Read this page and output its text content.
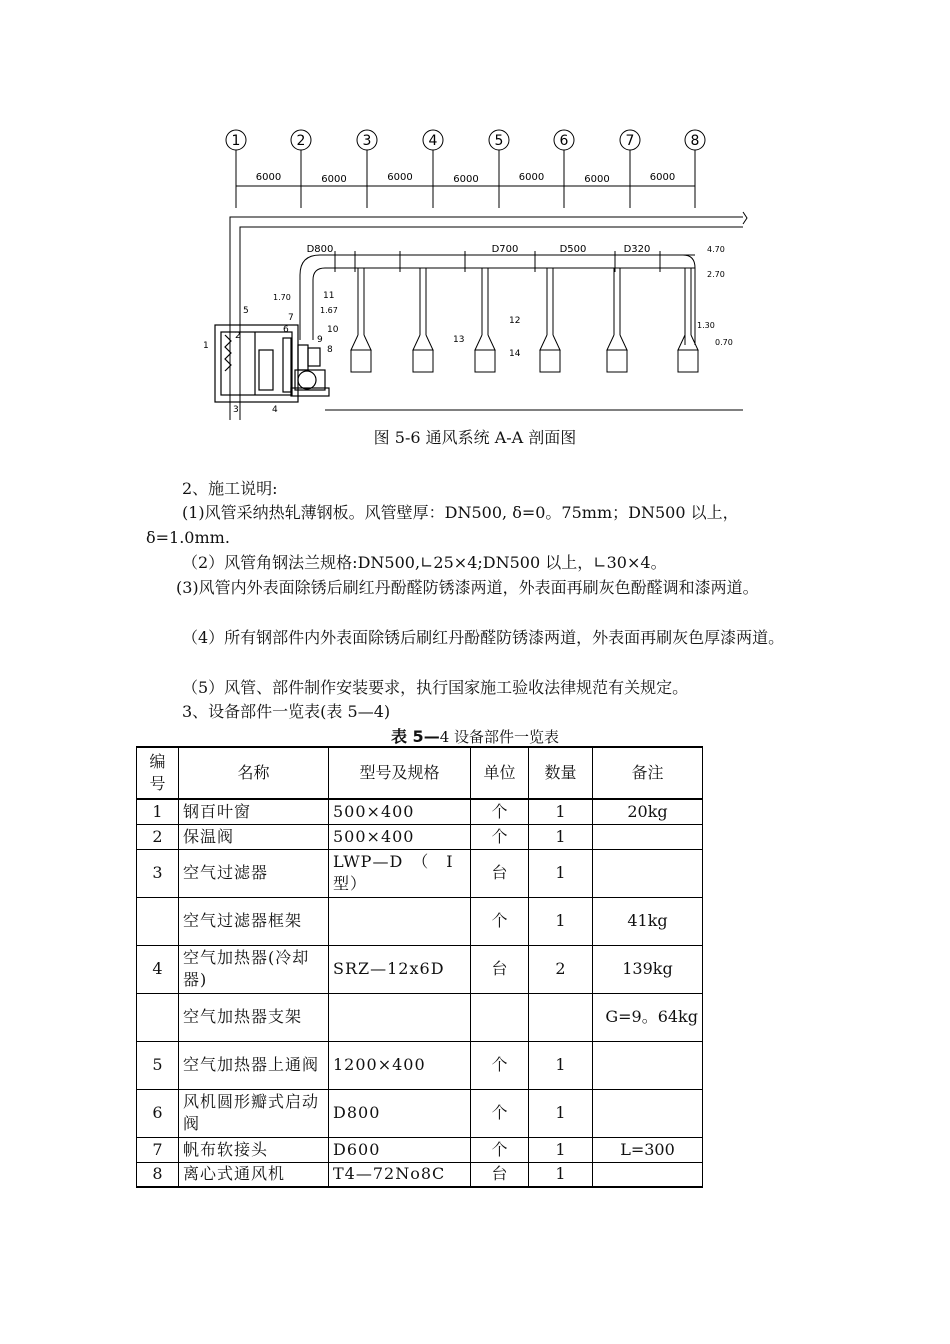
1	2	3	4	5	6	7	8
6000	6000	6000	6000	6000	6000	6000
D800	D700	D500	D320	4.70
2.70
1.30
0.70
1.70
1.67
1
2
3	4
5
6
7
8
9
10
11
12
13
14
图 5-6 通风系统 A-A 剖面图
2、施工说明:
(1)风管采纳热轧薄钢板。风管壁厚：DN500, δ=0。75mm；DN500 以上，δ=1.0mm.
（2）风管角钢法兰规格:DN500,∟25×4;DN500 以上，∟30×4。
(3)风管内外表面除锈后刷红丹酚醛防锈漆两道，外表面再刷灰色酚醛调和漆两道。
（4）所有钢部件内外表面除锈后刷红丹酚醛防锈漆两道，外表面再刷灰色厚漆两道。
（5）风管、部件制作安装要求，执行国家施工验收法律规范有关规定。
3、设备部件一览表(表 5—4)
表 5—4 设备部件一览表
编号	名称	型号及规格	单位	数量	备注
1	钢百叶窗	500×400	个	1	20kg
2	保温阀	500×400	个	1	
3	空气过滤器	LWP—D　（　I 型）	台	1	
	空气过滤器框架		个	1	41kg
4	空气加热器(冷却器)	SRZ—12x6D	台	2	139kg
	空气加热器支架				G=9。64kg
5	空气加热器上通阀	1200×400	个	1	
6	风机圆形瓣式启动阀	D800	个	1	
7	帆布软接头	D600	个	1	L=300
8	离心式通风机	T4—72No8C	台	1	
